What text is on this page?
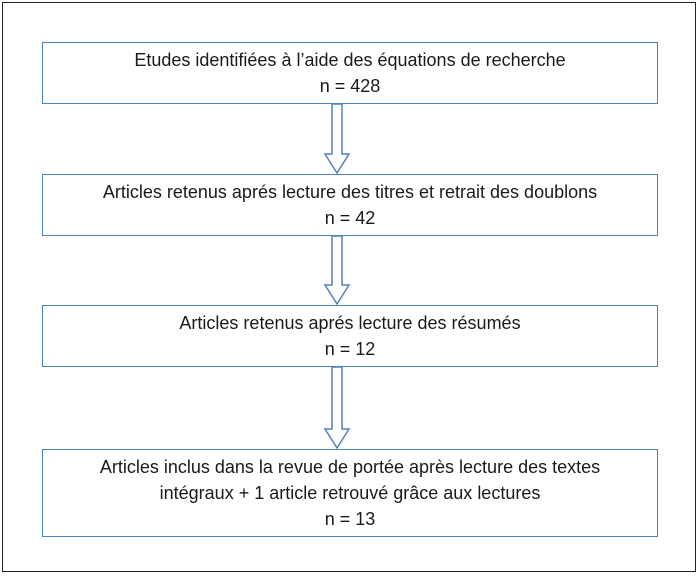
Etudes identifiées à l’aide des équations de recherche
n = 428
Articles retenus aprés lecture des titres et retrait des doublons
n = 42
Articles retenus aprés lecture des résumés
n = 12
Articles inclus dans la revue de portée après lecture des textes
intégraux + 1 article retrouvé grâce aux lectures
n = 13
